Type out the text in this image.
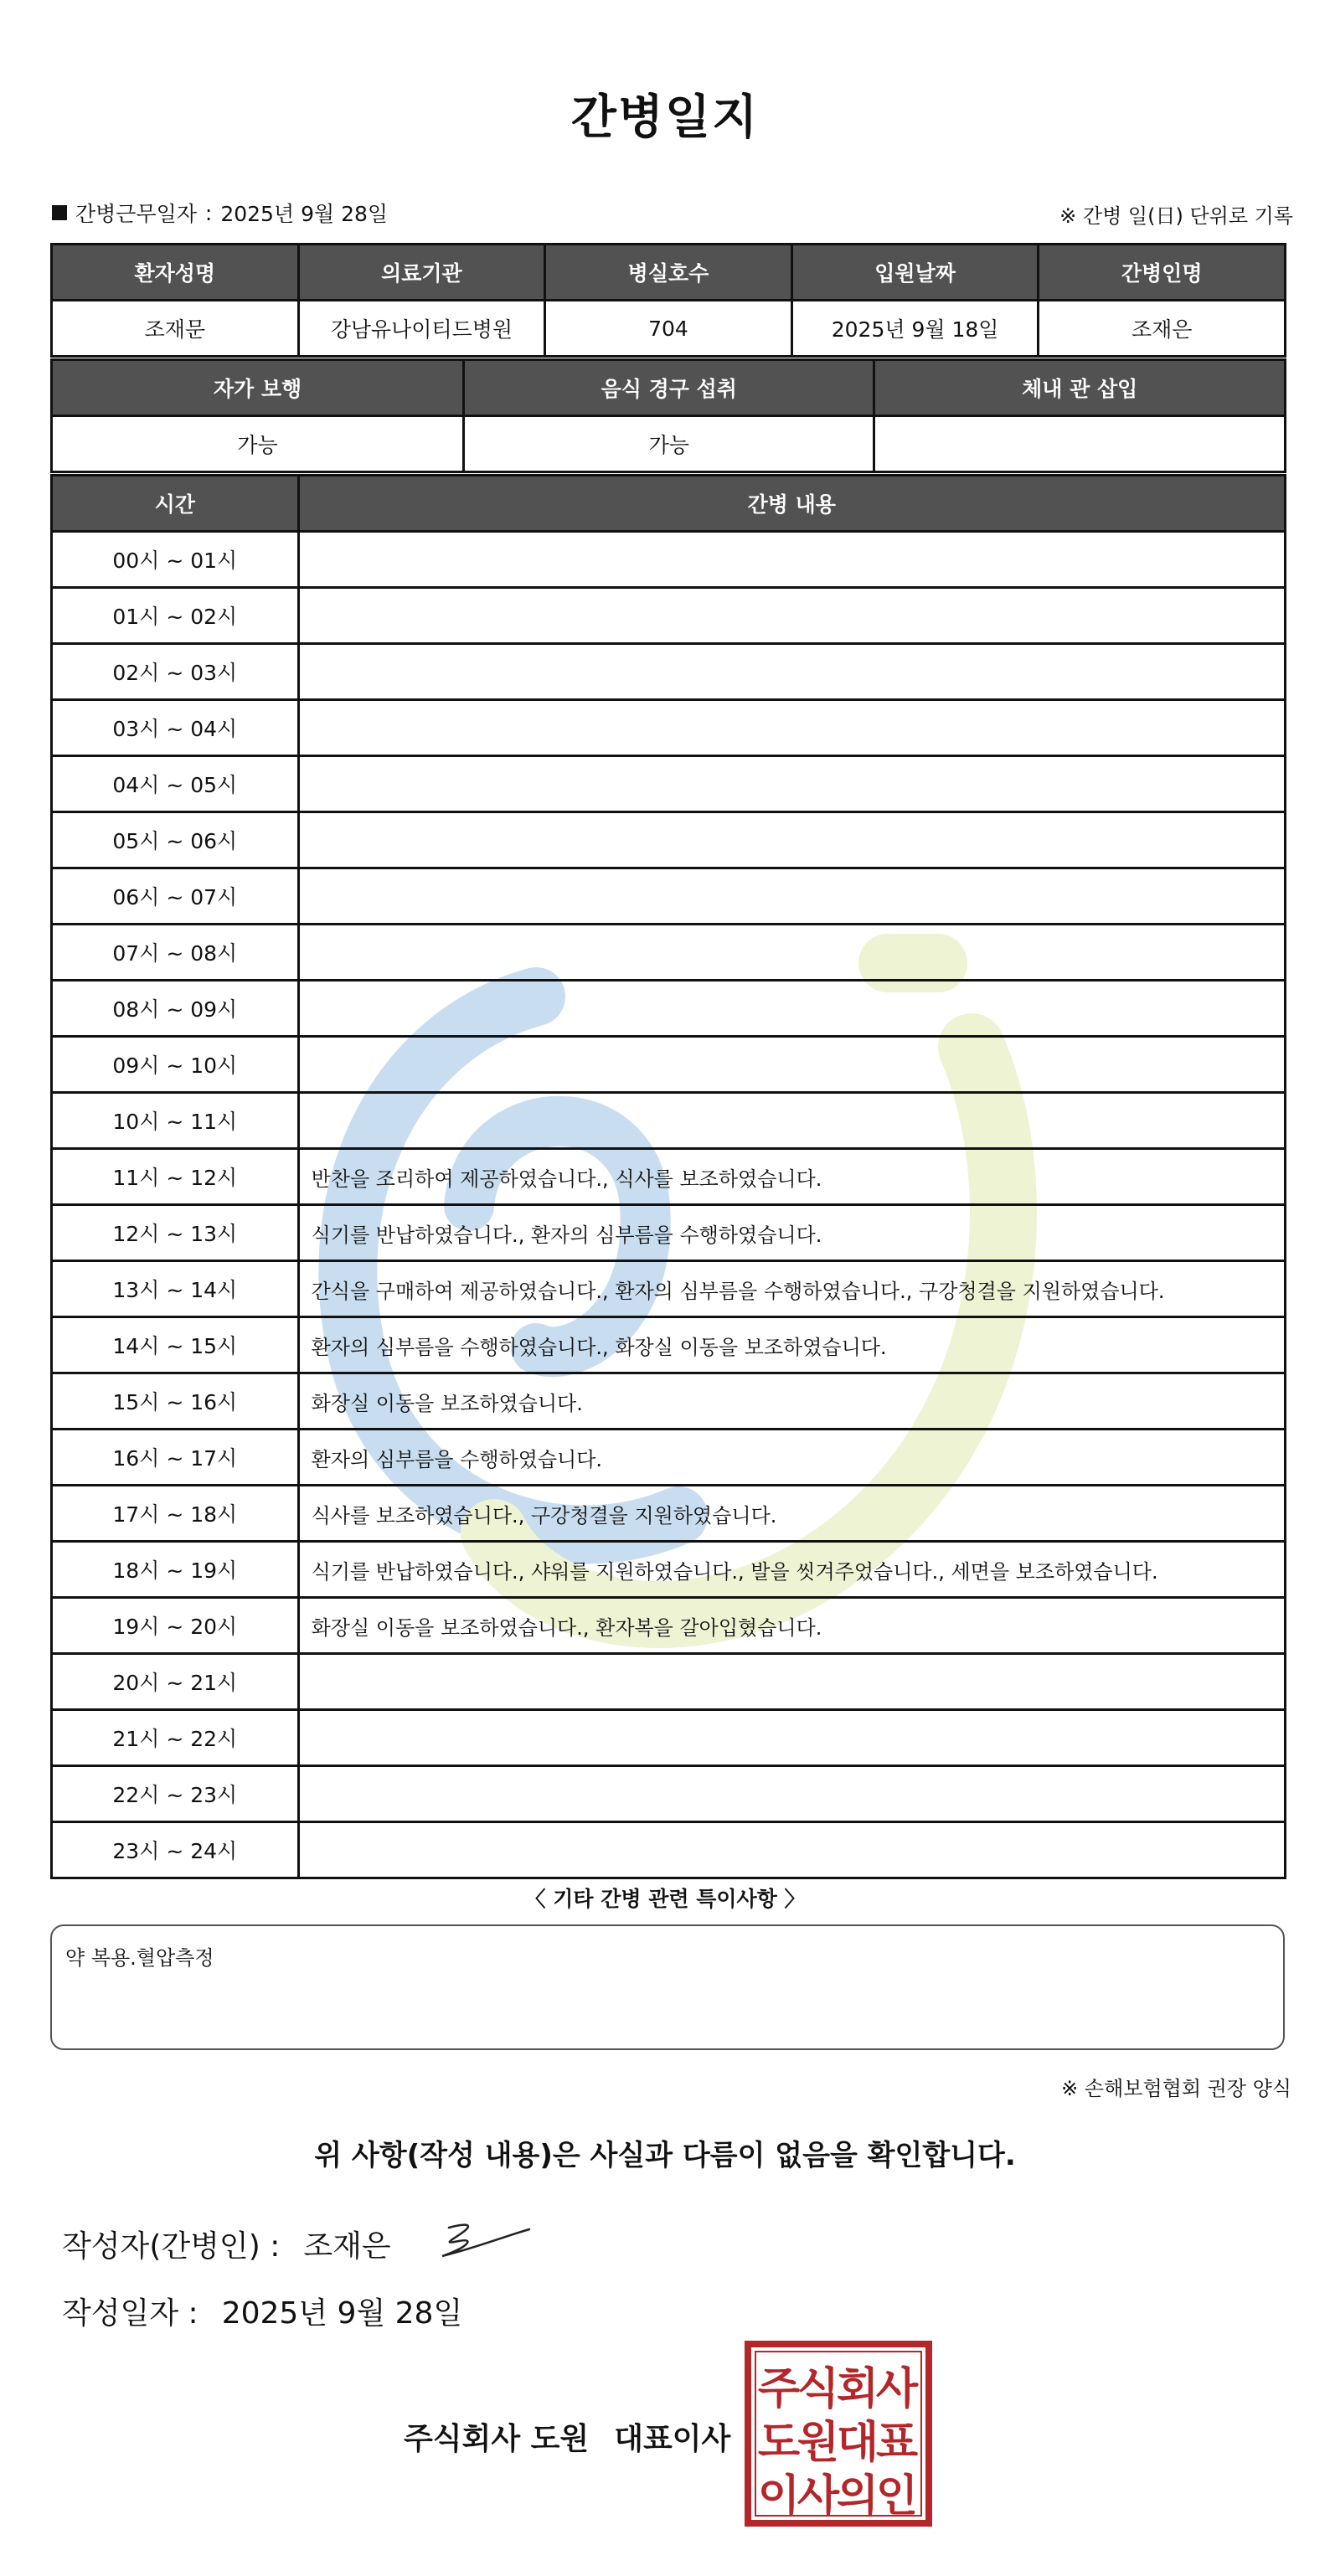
간병일지
간병근무일자 : 2025년 9월 28일	※ 간병 일(日) 단위로 기록
환자성명	의료기관	병실호수	입원날짜	간병인명
조재문	강남유나이티드병원	704	2025년 9월 18일	조재은
자가 보행	음식 경구 섭취	체내 관 삽입
가능	가능	
시간	간병 내용
00시 ~ 01시	
01시 ~ 02시	
02시 ~ 03시	
03시 ~ 04시	
04시 ~ 05시	
05시 ~ 06시	
06시 ~ 07시	
07시 ~ 08시	
08시 ~ 09시	
09시 ~ 10시	
10시 ~ 11시	
11시 ~ 12시	반찬을 조리하여 제공하였습니다., 식사를 보조하였습니다.
12시 ~ 13시	식기를 반납하였습니다., 환자의 심부름을 수행하였습니다.
13시 ~ 14시	간식을 구매하여 제공하였습니다., 환자의 심부름을 수행하였습니다., 구강청결을 지원하였습니다.
14시 ~ 15시	환자의 심부름을 수행하였습니다., 화장실 이동을 보조하였습니다.
15시 ~ 16시	화장실 이동을 보조하였습니다.
16시 ~ 17시	환자의 심부름을 수행하였습니다.
17시 ~ 18시	식사를 보조하였습니다., 구강청결을 지원하였습니다.
18시 ~ 19시	식기를 반납하였습니다., 샤워를 지원하였습니다., 발을 씻겨주었습니다., 세면을 보조하였습니다.
19시 ~ 20시	화장실 이동을 보조하였습니다., 환자복을 갈아입혔습니다.
20시 ~ 21시	
21시 ~ 22시	
22시 ~ 23시	
23시 ~ 24시	
〈 기타 간병 관련 특이사항 〉
약 복용.혈압측정
※ 손해보험협회 권장 양식
위 사항(작성 내용)은 사실과 다름이 없음을 확인합니다.
작성자(간병인) : 조재은
작성일자 : 2025년 9월 28일
주식회사 도원 대표이사
주
식
회
사
도
원
대
표
이
사
의
인
